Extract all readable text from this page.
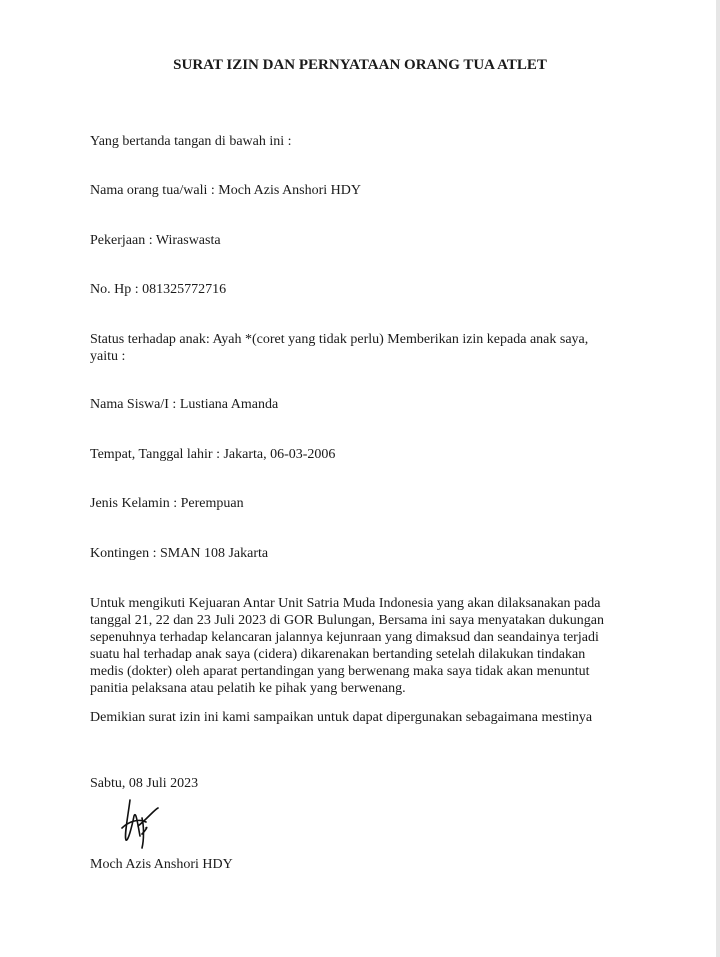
SURAT IZIN DAN PERNYATAAN ORANG TUA ATLET
Yang bertanda tangan di bawah ini :
Nama orang tua/wali : Moch Azis Anshori HDY
Pekerjaan : Wiraswasta
No. Hp : 081325772716
Status terhadap anak: Ayah *(coret yang tidak perlu) Memberikan izin kepada anak saya,
yaitu :
Nama Siswa/I : Lustiana Amanda
Tempat, Tanggal lahir : Jakarta, 06-03-2006
Jenis Kelamin : Perempuan
Kontingen : SMAN 108 Jakarta
Untuk mengikuti Kejuaran Antar Unit Satria Muda Indonesia yang akan dilaksanakan pada
tanggal 21, 22 dan 23 Juli 2023 di GOR Bulungan, Bersama ini saya menyatakan dukungan
sepenuhnya terhadap kelancaran jalannya kejunraan yang dimaksud dan seandainya terjadi
suatu hal terhadap anak saya (cidera) dikarenakan bertanding setelah dilakukan tindakan
medis (dokter) oleh aparat pertandingan yang berwenang maka saya tidak akan menuntut
panitia pelaksana atau pelatih ke pihak yang berwenang.
Demikian surat izin ini kami sampaikan untuk dapat dipergunakan sebagaimana mestinya
Sabtu, 08 Juli 2023
Moch Azis Anshori HDY
